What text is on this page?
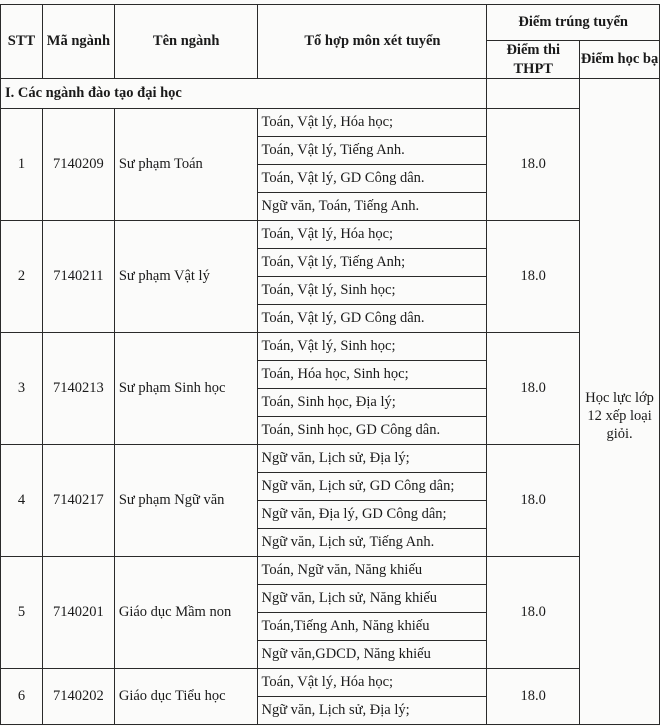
STT	Mã ngành	Tên ngành	Tổ hợp môn xét tuyển	Điểm trúng tuyển	
				Điểm thi THPT	Điểm học bạ
I. Các ngành đào tạo đại học					
1	7140209	Sư phạm Toán	Toán, Vật lý, Hóa học;	18.0	Học lực lớp 12 xếp loại giỏi.
			Toán, Vật lý, Tiếng Anh.		
			Toán, Vật lý, GD Công dân.		
			Ngữ văn, Toán, Tiếng Anh.		
2	7140211	Sư phạm Vật lý	Toán, Vật lý, Hóa học;	18.0	
			Toán, Vật lý, Tiếng Anh;		
			Toán, Vật lý, Sinh học;		
			Toán, Vật lý, GD Công dân.		
3	7140213	Sư phạm Sinh học	Toán, Vật lý, Sinh học;	18.0	
			Toán, Hóa học, Sinh học;		
			Toán, Sinh học, Địa lý;		
			Toán, Sinh học, GD Công dân.		
4	7140217	Sư phạm Ngữ văn	Ngữ văn, Lịch sử, Địa lý;	18.0	
			Ngữ văn, Lịch sử, GD Công dân;		
			Ngữ văn, Địa lý, GD Công dân;		
			Ngữ văn, Lịch sử, Tiếng Anh.		
5	7140201	Giáo dục Mầm non	Toán, Ngữ văn, Năng khiếu	18.0	
			Ngữ văn, Lịch sử, Năng khiếu		
			Toán,Tiếng Anh, Năng khiếu		
			Ngữ văn,GDCD, Năng khiếu		
6	7140202	Giáo dục Tiểu học	Toán, Vật lý, Hóa học;	18.0	
			Ngữ văn, Lịch sử, Địa lý;		
